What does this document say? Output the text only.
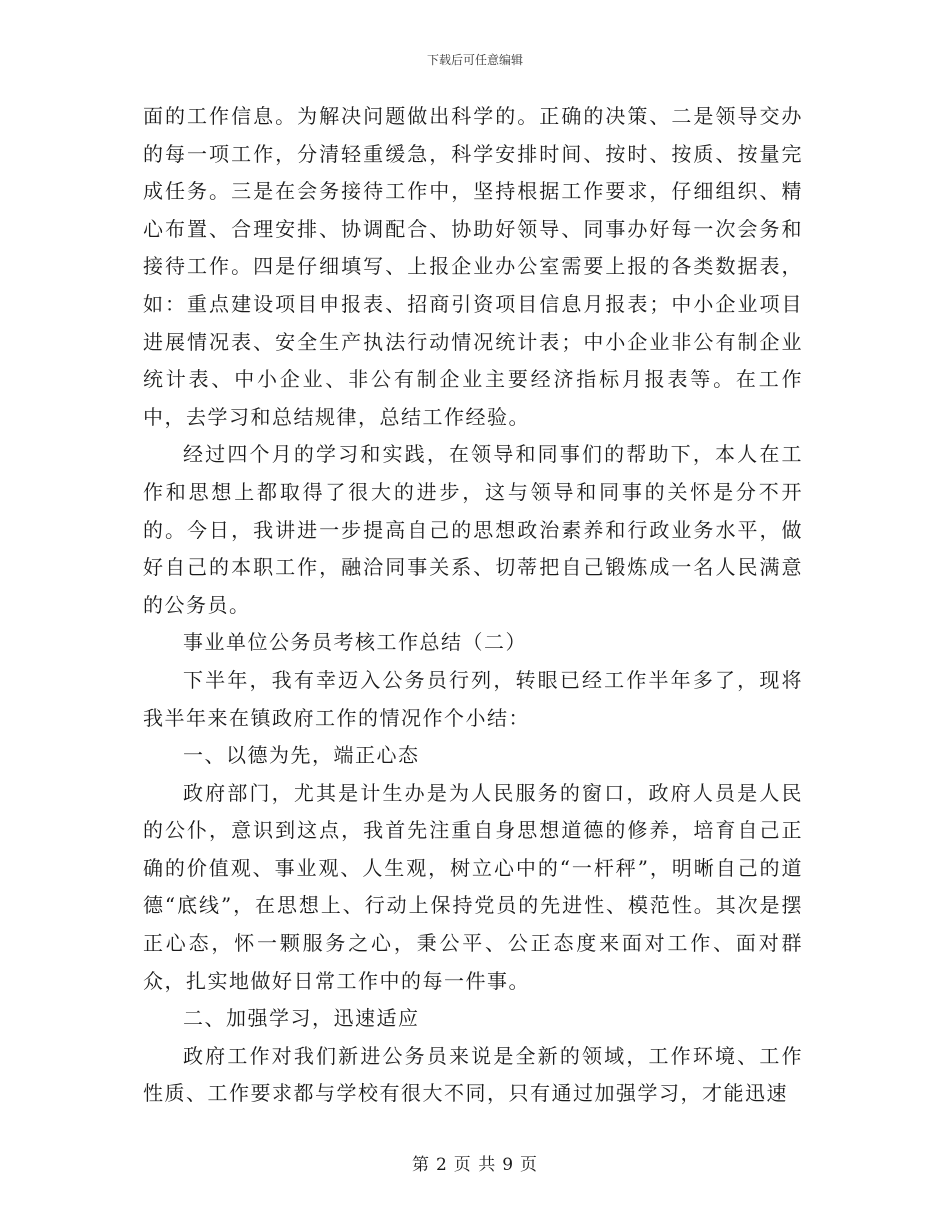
下载后可任意编辑

面的工作信息。为解决问题做出科学的。正确的决策、二是领导交办的每一项工作，分清轻重缓急，科学安排时间、按时、按质、按量完成任务。三是在会务接待工作中，坚持根据工作要求，仔细组织、精心布置、合理安排、协调配合、协助好领导、同事办好每一次会务和接待工作。四是仔细填写、上报企业办公室需要上报的各类数据表，如：重点建设项目申报表、招商引资项目信息月报表；中小企业项目进展情况表、安全生产执法行动情况统计表；中小企业非公有制企业统计表、中小企业、非公有制企业主要经济指标月报表等。在工作中，去学习和总结规律，总结工作经验。

经过四个月的学习和实践，在领导和同事们的帮助下，本人在工作和思想上都取得了很大的进步，这与领导和同事的关怀是分不开的。今日，我讲进一步提高自己的思想政治素养和行政业务水平，做好自己的本职工作，融洽同事关系、切蒂把自己锻炼成一名人民满意的公务员。

事业单位公务员考核工作总结（二）

下半年，我有幸迈入公务员行列，转眼已经工作半年多了，现将我半年来在镇政府工作的情况作个小结：

一、以德为先，端正心态

政府部门，尤其是计生办是为人民服务的窗口，政府人员是人民的公仆，意识到这点，我首先注重自身思想道德的修养，培育自己正确的价值观、事业观、人生观，树立心中的“一杆秤”，明晰自己的道德“底线”，在思想上、行动上保持党员的先进性、模范性。其次是摆正心态，怀一颗服务之心，秉公平、公正态度来面对工作、面对群众，扎实地做好日常工作中的每一件事。

二、加强学习，迅速适应

政府工作对我们新进公务员来说是全新的领域，工作环境、工作性质、工作要求都与学校有很大不同，只有通过加强学习，才能迅速

第 2 页 共 9 页
